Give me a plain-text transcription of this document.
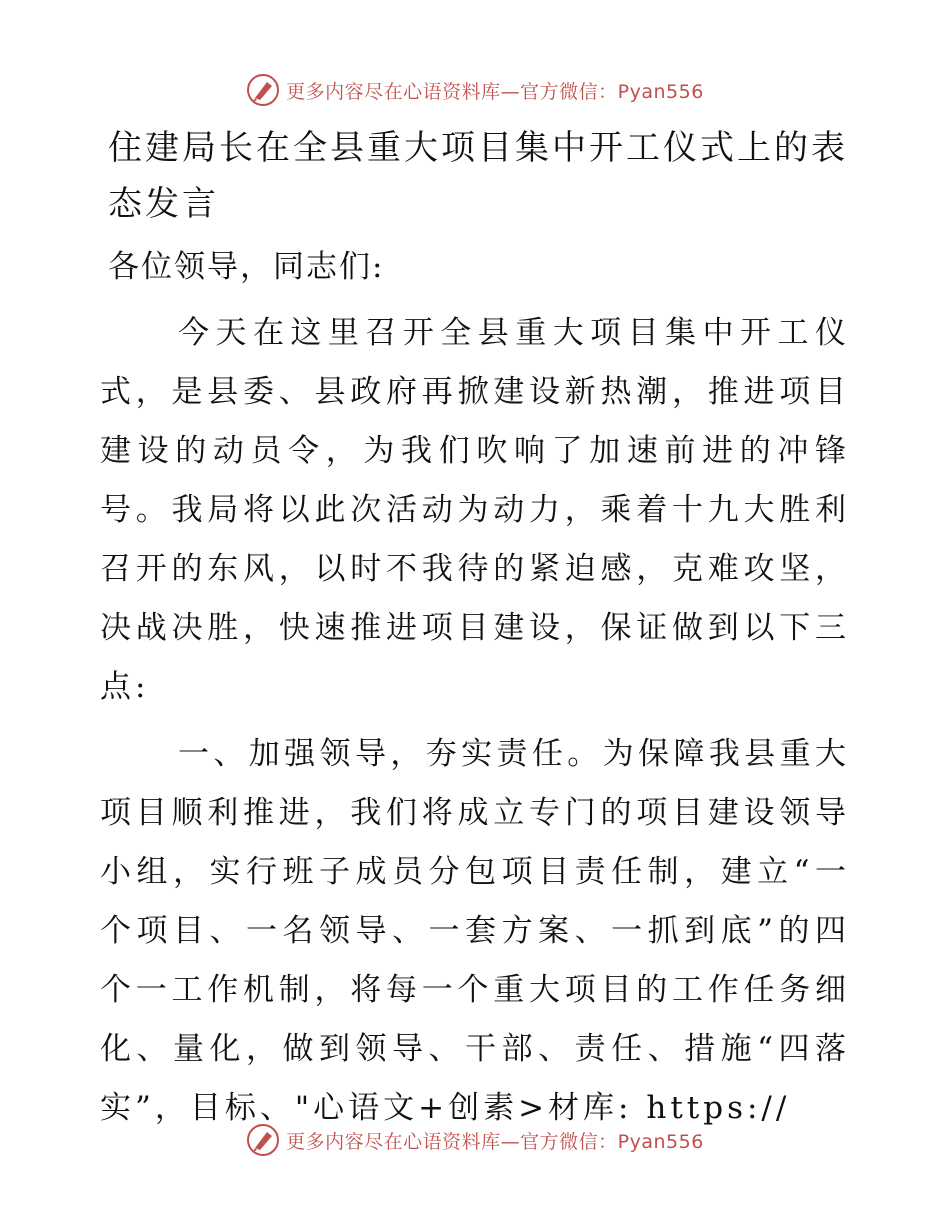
更多内容尽在心语资料库—官方微信：Pyan556
住建局长在全县重大项目集中开工仪式上的表态发言

各位领导，同志们:

今天在这里召开全县重大项目集中开工仪式，是县委、县政府再掀建设新热潮，推进项目建设的动员令，为我们吹响了加速前进的冲锋号。我局将以此次活动为动力，乘着十九大胜利召开的东风，以时不我待的紧迫感，克难攻坚，决战决胜，快速推进项目建设，保证做到以下三点:

一、加强领导，夯实责任。为保障我县重大项目顺利推进，我们将成立专门的项目建设领导小组，实行班子成员分包项目责任制，建立“一个项目、一名领导、一套方案、一抓到底”的四个一工作机制，将每一个重大项目的工作任务细化、量化，做到领导、干部、责任、措施“四落实”，目标、"心语文+创素>材库: https://

更多内容尽在心语资料库—官方微信：Pyan556
